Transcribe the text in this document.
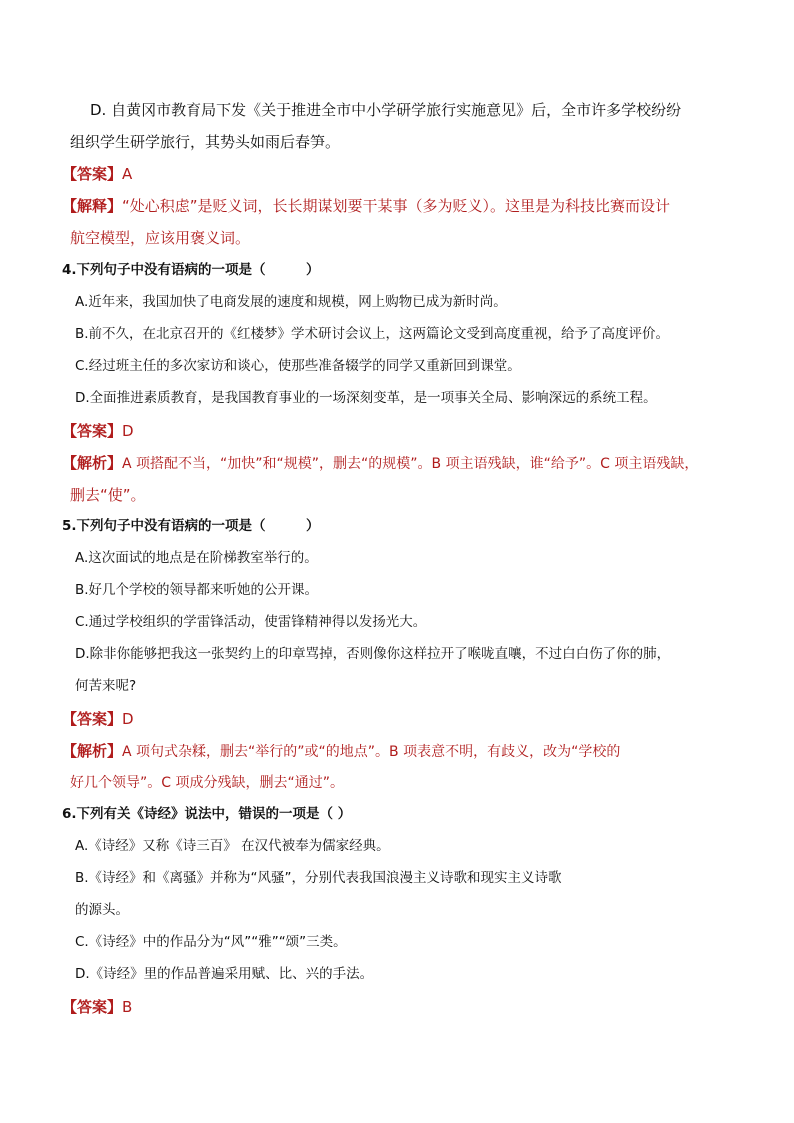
D. 自黄冈市教育局下发《关于推进全市中小学研学旅行实施意见》后，全市许多学校纷纷
组织学生研学旅行，其势头如雨后春笋。
【答案】A
【解释】“处心积虑”是贬义词，长长期谋划要干某事（多为贬义）。这里是为科技比赛而设计
航空模型，应该用褒义词。
4.下列句子中没有语病的一项是（　　　）
A.近年来，我国加快了电商发展的速度和规模，网上购物已成为新时尚。
B.前不久，在北京召开的《红楼梦》学术研讨会议上，这两篇论文受到高度重视，给予了高度评价。
C.经过班主任的多次家访和谈心，使那些准备辍学的同学又重新回到课堂。
D.全面推进素质教育，是我国教育事业的一场深刻变革，是一项事关全局、影响深远的系统工程。
【答案】D
【解析】A 项搭配不当，“加快”和“规模”，删去“的规模”。B 项主语残缺，谁“给予”。C 项主语残缺，
删去“使”。
5.下列句子中没有语病的一项是（　　　）
A.这次面试的地点是在阶梯教室举行的。
B.好几个学校的领导都来听她的公开课。
C.通过学校组织的学雷锋活动，使雷锋精神得以发扬光大。
D.除非你能够把我这一张契约上的印章骂掉，否则像你这样拉开了喉咙直嚷，不过白白伤了你的肺，
何苦来呢?
【答案】D
【解析】A 项句式杂糅，删去“举行的”或“的地点”。B 项表意不明，有歧义，改为“学校的
好几个领导”。C 项成分残缺，删去“通过”。
6.下列有关《诗经》说法中，错误的一项是（ ）
A.《诗经》又称《诗三百》 在汉代被奉为儒家经典。
B.《诗经》和《离骚》并称为“风骚”，分别代表我国浪漫主义诗歌和现实主义诗歌
的源头。
C.《诗经》中的作品分为“风”“雅”“颂”三类。
D.《诗经》里的作品普遍采用赋、比、兴的手法。
【答案】B
